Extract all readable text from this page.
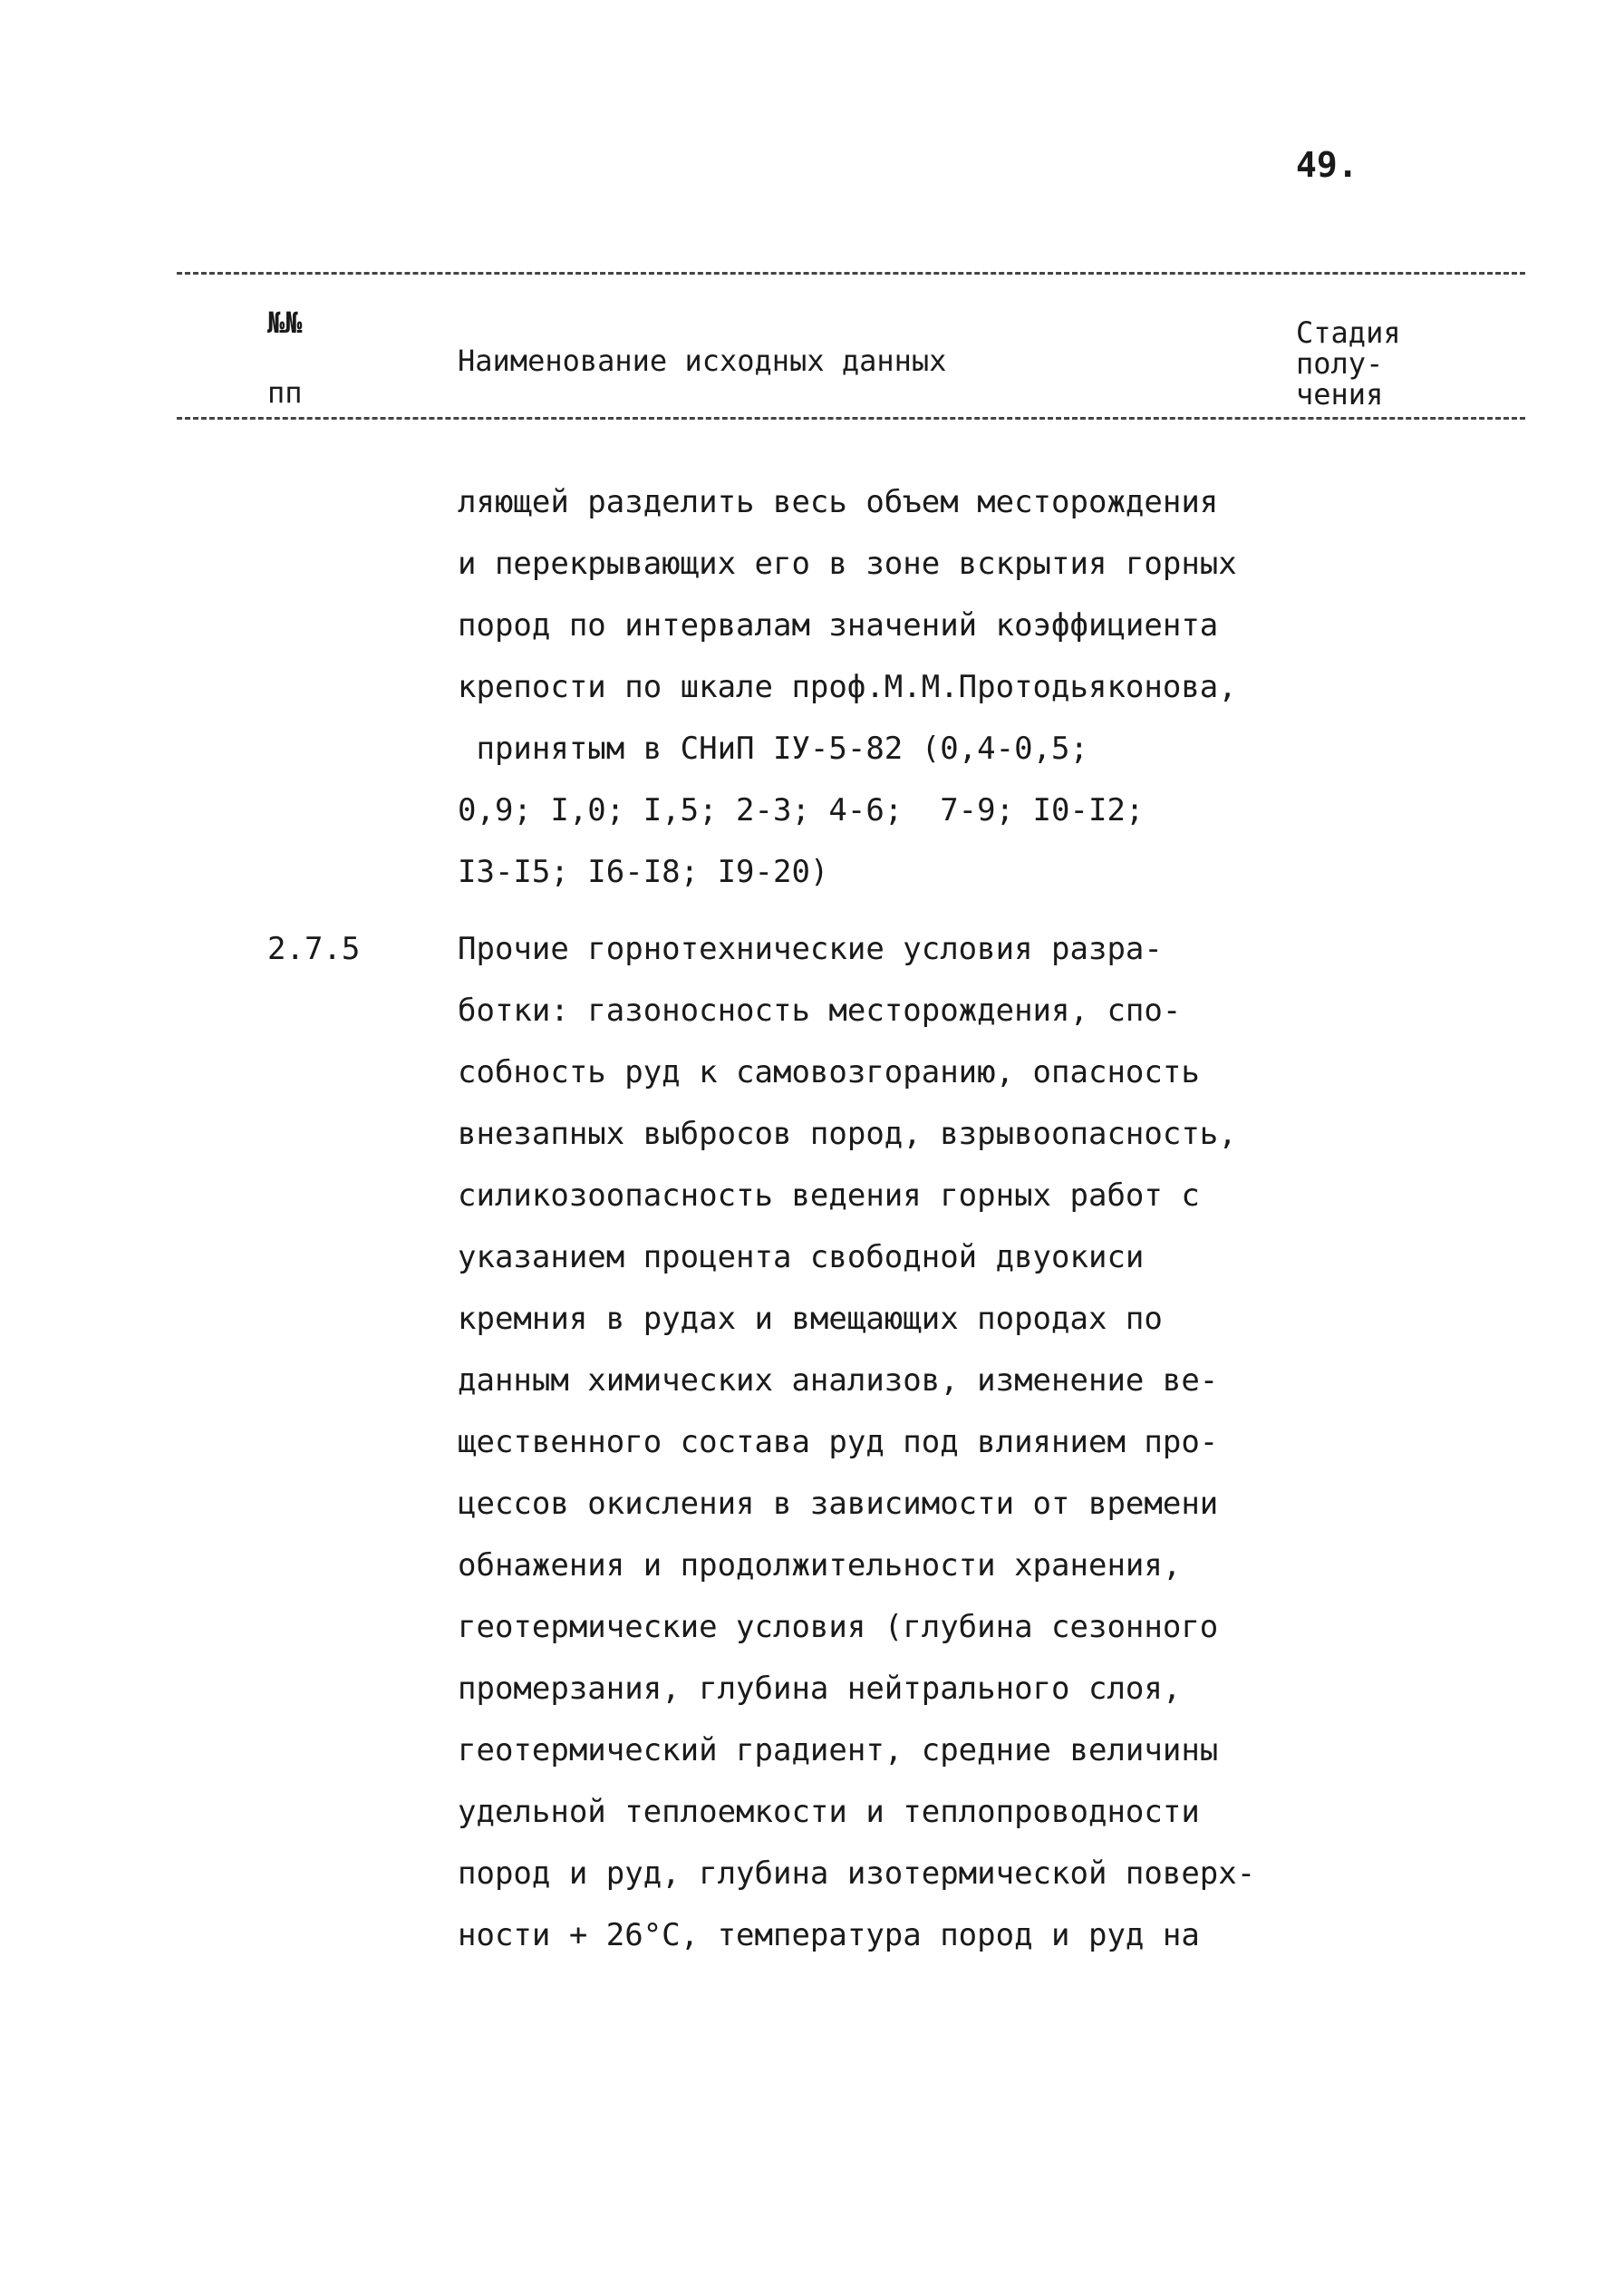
49.
№№
пп
Наименование исходных данных
Стадия
полу-
чения
ляющей разделить весь объем месторождения
и перекрывающих его в зоне вскрытия горных
пород по интервалам значений коэффициента
крепости по шкале проф.М.М.Протодьяконова,
принятым в СНиП IУ-5-82 (0,4-0,5;
0,9; I,0; I,5; 2-3; 4-6;  7-9; I0-I2;
I3-I5; I6-I8; I9-20)
2.7.5	Прочие горнотехнические условия разра-
ботки: газоносность месторождения, спо-
собность руд к самовозгоранию, опасность
внезапных выбросов пород, взрывоопасность,
силикозоопасность ведения горных работ с
указанием процента свободной двуокиси
кремния в рудах и вмещающих породах по
данным химических анализов, изменение ве-
щественного состава руд под влиянием про-
цессов окисления в зависимости от времени
обнажения и продолжительности хранения,
геотермические условия (глубина сезонного
промерзания, глубина нейтрального слоя,
геотермический градиент, средние величины
удельной теплоемкости и теплопроводности
пород и руд, глубина изотермической поверх-
ности + 26°С, температура пород и руд на
